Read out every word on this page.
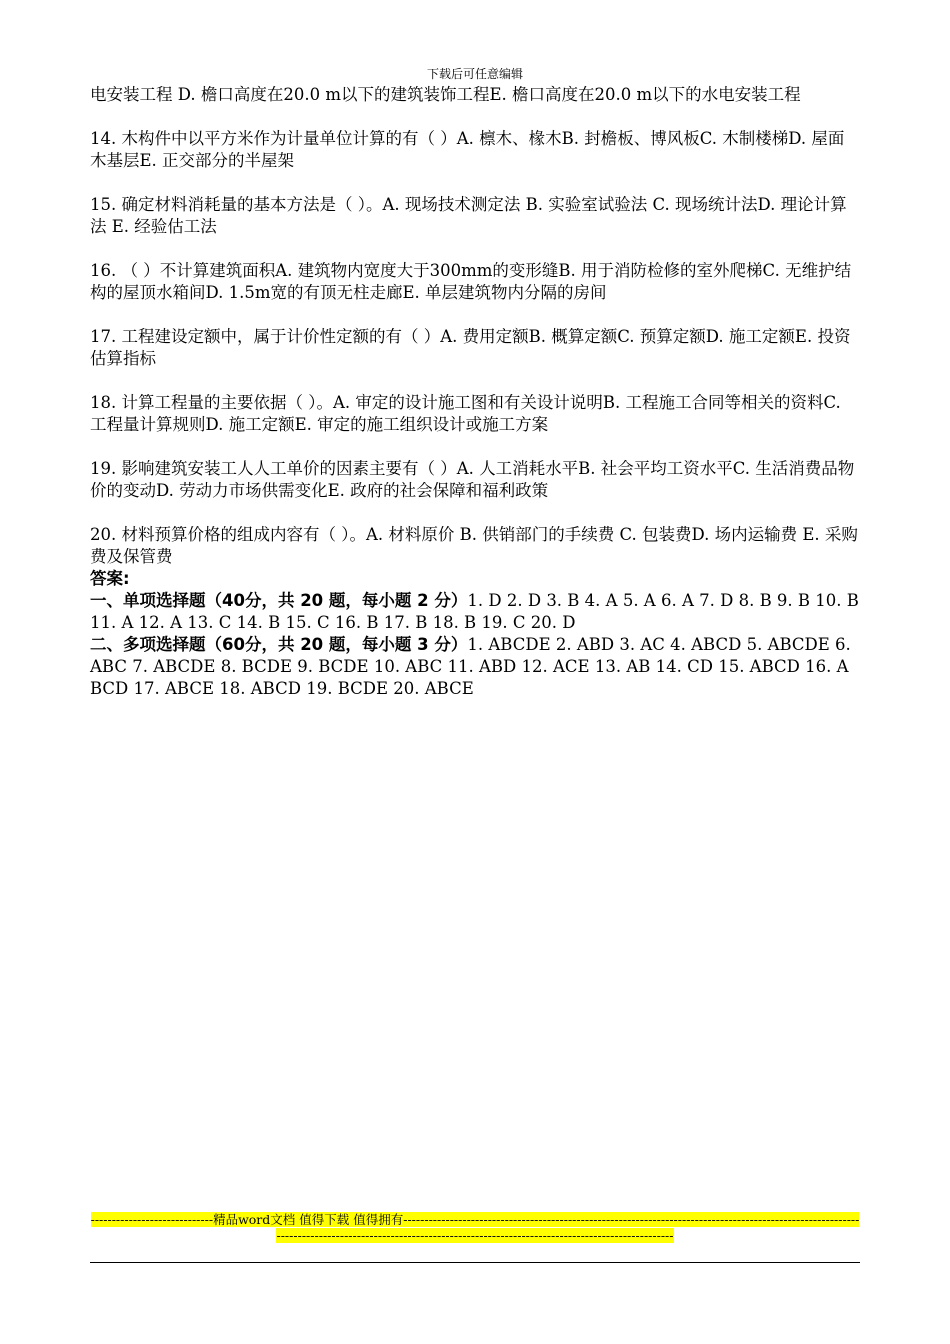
下载后可任意编辑

电安装工程 D. 檐口高度在20.0 m以下的建筑装饰工程E. 檐口高度在20.0 m以下的水电安装工程

14. 木构件中以平方米作为计量单位计算的有（ ）A. 檩木、椽木B. 封檐板、博风板C. 木制楼梯D. 屋面木基层E. 正交部分的半屋架

15. 确定材料消耗量的基本方法是（ ）。A. 现场技术测定法 B. 实验室试验法 C. 现场统计法D. 理论计算法 E. 经验估工法

16. （ ）不计算建筑面积A. 建筑物内宽度大于300mm的变形缝B. 用于消防检修的室外爬梯C. 无维护结构的屋顶水箱间D. 1.5m宽的有顶无柱走廊E. 单层建筑物内分隔的房间

17. 工程建设定额中，属于计价性定额的有（ ）A. 费用定额B. 概算定额C. 预算定额D. 施工定额E. 投资估算指标

18. 计算工程量的主要依据（ ）。A. 审定的设计施工图和有关设计说明B. 工程施工合同等相关的资料C. 工程量计算规则D. 施工定额E. 审定的施工组织设计或施工方案

19. 影响建筑安装工人人工单价的因素主要有（ ）A. 人工消耗水平B. 社会平均工资水平C. 生活消费品物价的变动D. 劳动力市场供需变化E. 政府的社会保障和福利政策

20. 材料预算价格的组成内容有（ ）。A. 材料原价 B. 供销部门的手续费 C. 包装费D. 场内运输费 E. 采购费及保管费

答案:

一、单项选择题（40分，共 20 题，每小题 2 分）1. D 2. D 3. B 4. A 5. A 6. A 7. D 8. B 9. B 10. B 11. A 12. A 13. C 14. B 15. C 16. B 17. B 18. B 19. C 20. D

二、多项选择题（60分，共 20 题，每小题 3 分）1. ABCDE 2. ABD 3. AC 4. ABCD 5. ABCDE 6. ABC 7. ABCDE 8. BCDE 9. BCDE 10. ABC 11. ABD 12. ACE 13. AB 14. CD 15. ABCD 16. ABCD 17. ABCE 18. ABCD 19. BCDE 20. ABCE

-----------------------------精品word文档 值得下载 值得拥有----------------------------------------------------------------------------------------------------------------------------------------------------------------------------------------------------------
